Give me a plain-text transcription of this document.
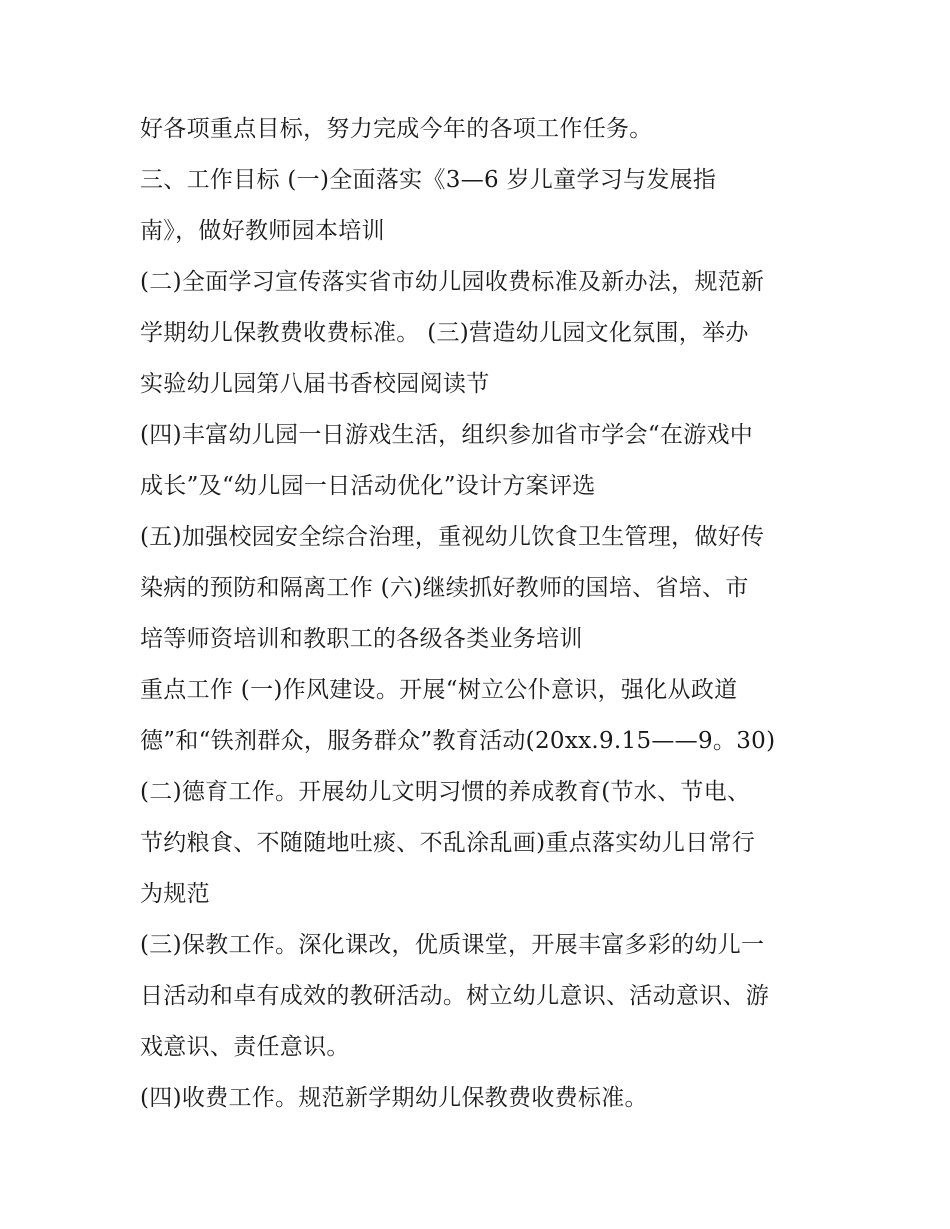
好各项重点目标，努力完成今年的各项工作任务。
三、工作目标 (一)全面落实《3—6 岁儿童学习与发展指
南》，做好教师园本培训
(二)全面学习宣传落实省市幼儿园收费标准及新办法，规范新
学期幼儿保教费收费标准。 (三)营造幼儿园文化氛围，举办
实验幼儿园第八届书香校园阅读节
(四)丰富幼儿园一日游戏生活，组织参加省市学会“在游戏中
成长”及“幼儿园一日活动优化”设计方案评选
(五)加强校园安全综合治理，重视幼儿饮食卫生管理，做好传
染病的预防和隔离工作 (六)继续抓好教师的国培、省培、市
培等师资培训和教职工的各级各类业务培训
重点工作 (一)作风建设。开展“树立公仆意识，强化从政道
德”和“铁剂群众，服务群众”教育活动(20xx.9.15——9。30)
(二)德育工作。开展幼儿文明习惯的养成教育(节水、节电、
节约粮食、不随随地吐痰、不乱涂乱画)重点落实幼儿日常行
为规范
(三)保教工作。深化课改，优质课堂，开展丰富多彩的幼儿一
日活动和卓有成效的教研活动。树立幼儿意识、活动意识、游
戏意识、责任意识。
(四)收费工作。规范新学期幼儿保教费收费标准。
